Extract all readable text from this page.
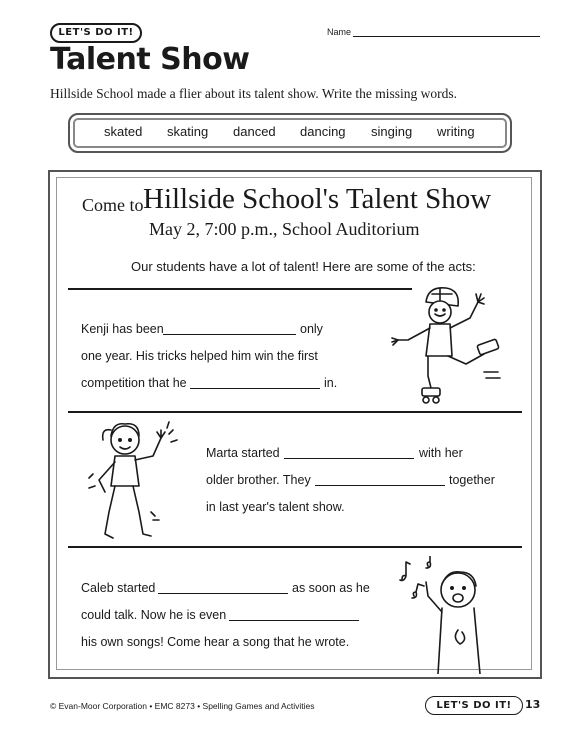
LET'S DO IT!	Name
Talent Show
Hillside School made a flier about its talent show. Write the missing words.
skated skating danced dancing singing writing
Come to Hillside School's Talent Show
May 2, 7:00 p.m., School Auditorium
Our students have a lot of talent! Here are some of the acts:
Kenji has been	only
one year. His tricks helped him win the first
competition that he	in.
Marta started	with her
older brother. They	together
in last year's talent show.
Caleb started	as soon as he
could talk. Now he is even
his own songs! Come hear a song that he wrote.
© Evan-Moor Corporation • EMC 8273 • Spelling Games and Activities	LET'S DO IT!	13
